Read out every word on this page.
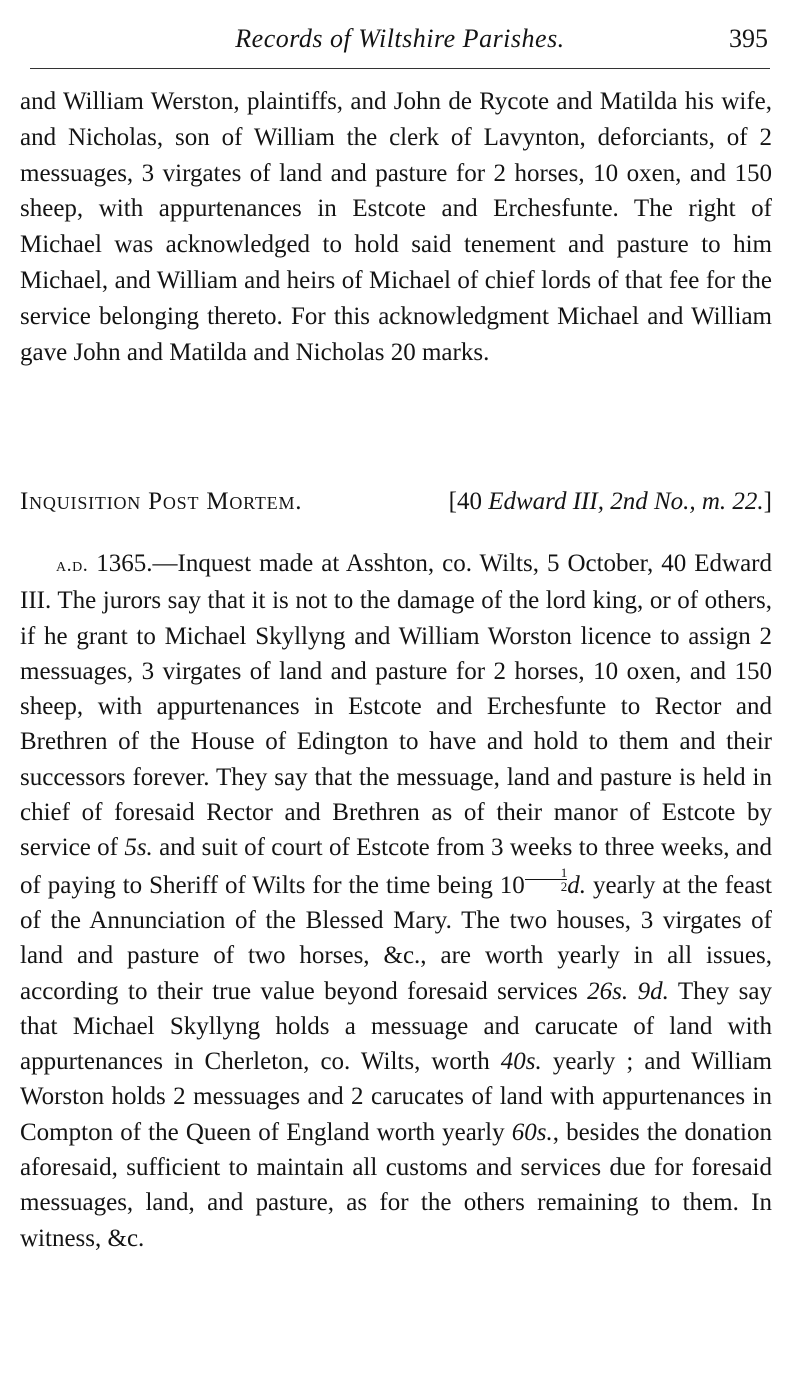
Records of Wiltshire Parishes.	395

and William Werston, plaintiffs, and John de Rycote and Matilda his wife, and Nicholas, son of William the clerk of Lavynton, deforciants, of 2 messuages, 3 virgates of land and pasture for 2 horses, 10 oxen, and 150 sheep, with appurtenances in Estcote and Erchesfunte. The right of Michael was acknowledged to hold said tenement and pasture to him Michael, and William and heirs of Michael of chief lords of that fee for the service belonging thereto. For this acknowledgment Michael and William gave John and Matilda and Nicholas 20 marks.

Inquisition Post Mortem.	[40 Edward III, 2nd No., m. 22.]

a.d. 1365.—Inquest made at Asshton, co. Wilts, 5 October, 40 Edward III. The jurors say that it is not to the damage of the lord king, or of others, if he grant to Michael Skyllyng and William Worston licence to assign 2 messuages, 3 virgates of land and pasture for 2 horses, 10 oxen, and 150 sheep, with appurtenances in Estcote and Erchesfunte to Rector and Brethren of the House of Edington to have and hold to them and their successors forever. They say that the messuage, land and pasture is held in chief of foresaid Rector and Brethren as of their manor of Estcote by service of 5s. and suit of court of Estcote from 3 weeks to three weeks, and of paying to Sheriff of Wilts for the time being $10 \frac{1}{2} d$. yearly at the feast of the Annunciation of the Blessed Mary. The two houses, 3 virgates of land and pasture of two horses, &c., are worth yearly in all issues, according to their true value beyond foresaid services 26s. 9d. They say that Michael Skyllyng holds a messuage and carucate of land with appurtenances in Cherleton, co. Wilts, worth 40s. yearly ; and William Worston holds 2 messuages and 2 carucates of land with appurtenances in Compton of the Queen of England worth yearly 60s., besides the donation aforesaid, sufficient to maintain all customs and services due for foresaid messuages, land, and pasture, as for the others remaining to them. In witness, &c.
